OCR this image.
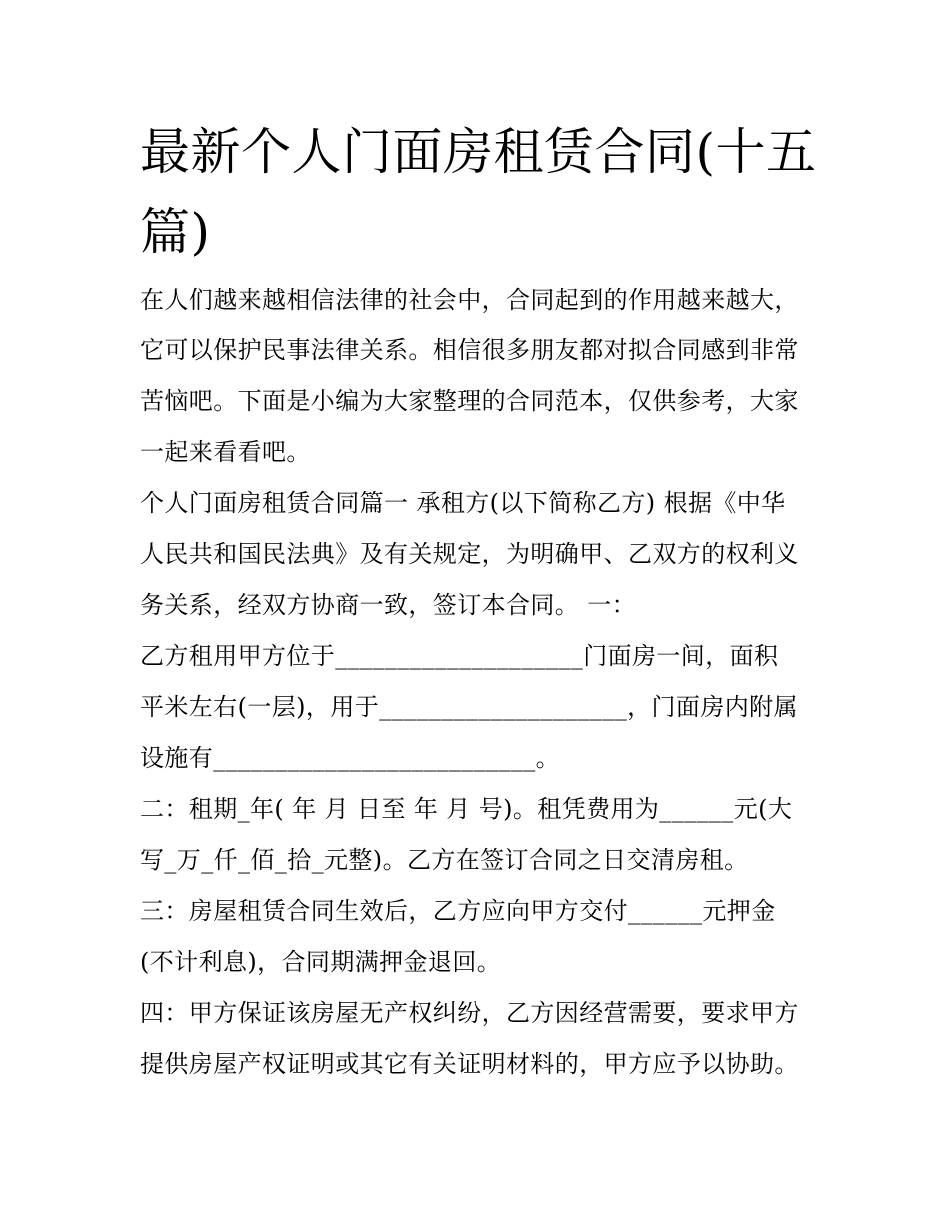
最新个人门面房租赁合同(十五篇)

在人们越来越相信法律的社会中，合同起到的作用越来越大，

它可以保护民事法律关系。相信很多朋友都对拟合同感到非常

苦恼吧。下面是小编为大家整理的合同范本，仅供参考，大家

一起来看看吧。

个人门面房租赁合同篇一 承租方(以下简称乙方) 根据《中华

人民共和国民法典》及有关规定，为明确甲、乙双方的权利义

务关系，经双方协商一致，签订本合同。 一：

乙方租用甲方位于____________________门面房一间，面积

平米左右(一层)，用于____________________，门面房内附属

设施有__________________________。

二：租期_年( 年 月 日至 年 月 号)。租凭费用为______元(大

写_万_仟_佰_拾_元整)。乙方在签订合同之日交清房租。

三：房屋租赁合同生效后，乙方应向甲方交付______元押金

(不计利息)，合同期满押金退回。

四：甲方保证该房屋无产权纠纷，乙方因经营需要，要求甲方

提供房屋产权证明或其它有关证明材料的，甲方应予以协助。
